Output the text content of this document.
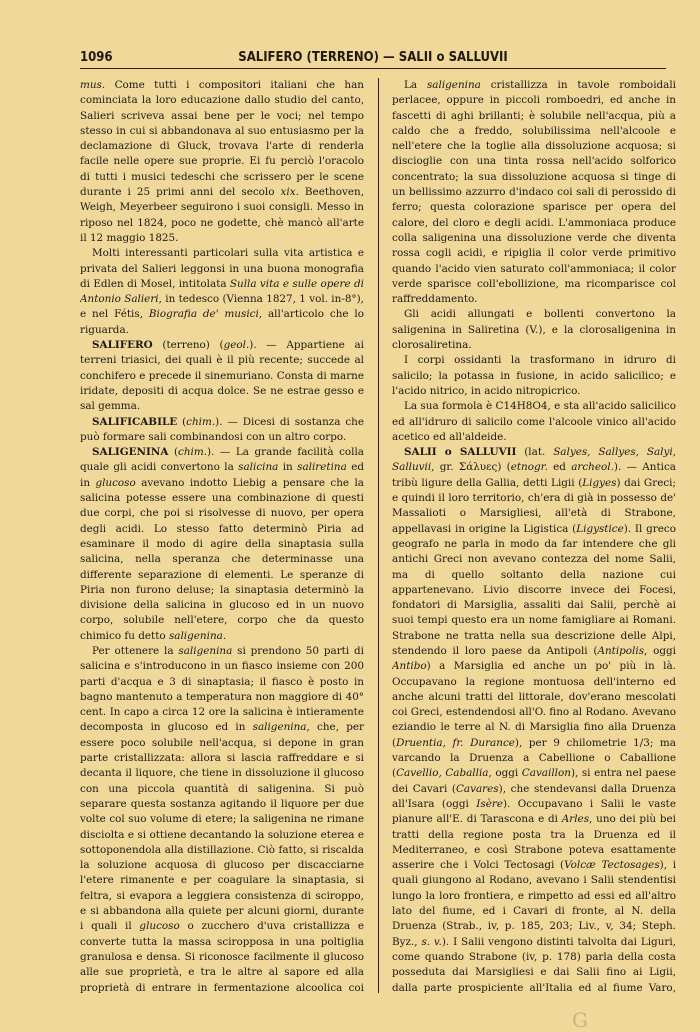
1096	SALIFERO (TERRENO) — SALII o SALLUVII

mus. Come tutti i compositori italiani che han cominciata la loro educazione dallo studio del canto, Salieri scriveva assai bene per le voci; nel tempo stesso in cui si abbandonava al suo entusiasmo per la declamazione di Gluck, trovava l'arte di renderla facile nelle opere sue proprie. Ei fu perciò l'oracolo di tutti i musici tedeschi che scrissero per le scene durante i 25 primi anni del secolo xix. Beethoven, Weigh, Meyerbeer seguirono i suoi consigli. Messo in riposo nel 1824, poco ne godette, chè mancò all'arte il 12 maggio 1825.

Molti interessanti particolari sulla vita artistica e privata del Salieri leggonsi in una buona monografia di Edlen di Mosel, intitolata Sulla vita e sulle opere di Antonio Salieri, in tedesco (Vienna 1827, 1 vol. in-8°), e nel Fétis, Biografia de' musici, all'articolo che lo riguarda.

SALIFERO (terreno) (geol.). — Appartiene ai terreni triasici, dei quali è il più recente; succede al conchifero e precede il sinemuriano. Consta di marne iridate, depositi di acqua dolce. Se ne estrae gesso e sal gemma.

SALIFICABILE (chim.). — Dicesi di sostanza che può formare sali combinandosi con un altro corpo.

SALIGENINA (chim.). — La grande facilità colla quale gli acidi convertono la salicina in saliretina ed in glucoso avevano indotto Liebig a pensare che la salicina potesse essere una combinazione di questi due corpi, che poi si risolvesse di nuovo, per opera degli acidi. Lo stesso fatto determinò Piria ad esaminare il modo di agire della sinaptasia sulla salicina, nella speranza che determinasse una differente separazione di elementi. Le speranze di Piria non furono deluse; la sinaptasia determinò la divisione della salicina in glucoso ed in un nuovo corpo, solubile nell'etere, corpo che da questo chimico fu detto saligenina.

Per ottenere la saligenina si prendono 50 parti di salicina e s'introducono in un fiasco insieme con 200 parti d'acqua e 3 di sinaptasia; il fiasco è posto in bagno mantenuto a temperatura non maggiore di 40° cent. In capo a circa 12 ore la salicina è intieramente decomposta in glucoso ed in saligenina, che, per essere poco solubile nell'acqua, si depone in gran parte cristallizzata: allora si lascia raffreddare e si decanta il liquore, che tiene in dissoluzione il glucoso con una piccola quantità di saligenina. Si può separare questa sostanza agitando il liquore per due volte col suo volume di etere; la saligenina ne rimane disciolta e si ottiene decantando la soluzione eterea e sottoponendola alla distillazione. Ciò fatto, si riscalda la soluzione acquosa di glucoso per discacciarne l'etere rimanente e per coagulare la sinaptasia, si feltra, si evapora a leggiera consistenza di sciroppo, e si abbandona alla quiete per alcuni giorni, durante i quali il glucoso o zucchero d'uva cristallizza e converte tutta la massa sciropposa in una poltiglia granulosa e densa. Si riconosce facilmente il glucoso alle sue proprietà, e tra le altre al sapore ed alla proprietà di entrare in fermentazione alcoolica coi

La saligenina cristallizza in tavole romboidali perlacee, oppure in piccoli romboedri, ed anche in fascetti di aghi brillanti; è solubile nell'acqua, più a caldo che a freddo, solubilissima nell'alcoole e nell'etere che la toglie alla dissoluzione acquosa; si discioglie con una tinta rossa nell'acido solforico concentrato; la sua dissoluzione acquosa si tinge di un bellissimo azzurro d'indaco coi sali di perossido di ferro; questa colorazione sparisce per opera del calore, del cloro e degli acidi. L'ammoniaca produce colla saligenina una dissoluzione verde che diventa rossa cogli acidi, e ripiglia il color verde primitivo quando l'acido vien saturato coll'ammoniaca; il color verde sparisce coll'ebollizione, ma ricomparisce col raffreddamento.

Gli acidi allungati e bollenti convertono la saligenina in Saliretina (V.), e la clorosaligenina in clorosaliretina.

I corpi ossidanti la trasformano in idruro di salicilo; la potassa in fusione, in acido salicilico; e l'acido nitrico, in acido nitropicrico.

La sua formola è C14H8O4, e sta all'acido salicilico ed all'idruro di salicilo come l'alcoole vinico all'acido acetico ed all'aldeide.

SALII o SALLUVII (lat. Salyes, Sallyes, Salyi, Salluvii, gr. Σάλυες) (etnogr. ed archeol.). — Antica tribù ligure della Gallia, detti Ligii (Ligyes) dai Greci; e quindi il loro territorio, ch'era di già in possesso de' Massalioti o Marsigliesi, all'età di Strabone, appellavasi in origine la Ligistica (Ligystice). Il greco geografo ne parla in modo da far intendere che gli antichi Greci non avevano contezza del nome Salii, ma di quello soltanto della nazione cui appartenevano. Livio discorre invece dei Focesi, fondatori di Marsiglia, assaliti dai Salii, perchè ai suoi tempi questo era un nome famigliare ai Romani. Strabone ne tratta nella sua descrizione delle Alpi, stendendo il loro paese da Antipoli (Antipolis, oggi Antibo) a Marsiglia ed anche un po' più in là. Occupavano la regione montuosa dell'interno ed anche alcuni tratti del littorale, dov'erano mescolati coi Greci, estendendosi all'O. fino al Rodano. Avevano eziandio le terre al N. di Marsiglia fino alla Druenza (Druentia, fr. Durance), per 9 chilometrie 1/3; ma varcando la Druenza a Cabellione o Caballione (Cavellio, Caballia, oggi Cavaillon), si entra nel paese dei Cavari (Cavares), che stendevansi dalla Druenza all'Isara (oggi Isère). Occupavano i Salii le vaste pianure all'E. di Tarascona e di Arles, uno dei più bei tratti della regione posta tra la Druenza ed il Mediterraneo, e così Strabone poteva esattamente asserire che i Volci Tectosagi (Volcæ Tectosages), i quali giungono al Rodano, avevano i Salii stendentisi lungo la loro frontiera, e rimpetto ad essi ed all'altro lato del fiume, ed i Cavari di fronte, al N. della Druenza (Strab., iv, p. 185, 203; Liv., v, 34; Steph. Byz., s. v.). I Salii vengono distinti talvolta dai Liguri, come quando Strabone (iv, p. 178) parla della costa posseduta dai Marsigliesi e dai Salii fino ai Ligii, dalla parte prospiciente all'Italia ed al fiume Varo,

G
